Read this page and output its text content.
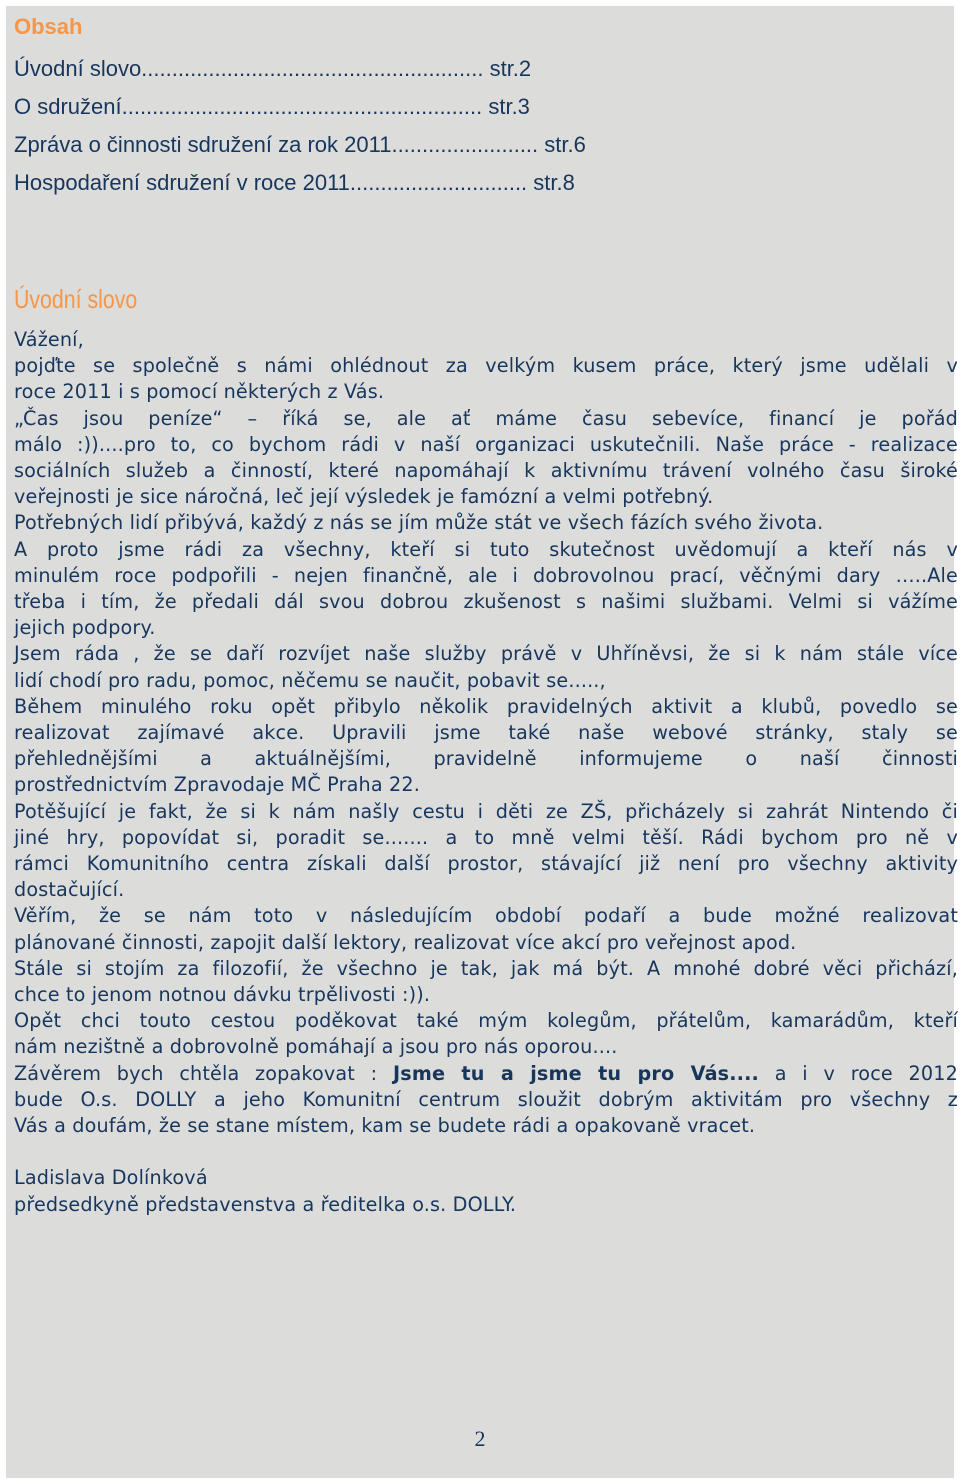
Obsah
Úvodní slovo........................................................ str.2
O sdružení........................................................... str.3
Zpráva o činnosti sdružení za rok 2011........................ str.6
Hospodaření sdružení v roce 2011............................. str.8
Úvodní slovo

Vážení,

pojďte se společně s námi ohlédnout za velkým kusem práce, který jsme udělali v

roce 2011 i s pomocí některých z Vás.

„Čas jsou peníze“ – říká se, ale ať máme času sebevíce, financí je pořád

málo :))....pro to, co bychom rádi v naší organizaci uskutečnili. Naše práce - realizace

sociálních služeb a činností, které napomáhají k aktivnímu trávení volného času široké

veřejnosti je sice náročná, leč její výsledek je famózní a velmi potřebný.

Potřebných lidí přibývá, každý z nás se jím může stát ve všech fázích svého života.

A proto jsme rádi za všechny, kteří si tuto skutečnost uvědomují a kteří nás v

minulém roce podpořili - nejen finančně, ale i dobrovolnou prací, věčnými dary …..Ale

třeba i tím, že předali dál svou dobrou zkušenost s našimi službami. Velmi si vážíme

jejich podpory.

Jsem ráda , že se daří rozvíjet naše služby právě v Uhříněvsi, že si k nám stále více

lidí chodí pro radu, pomoc, něčemu se naučit, pobavit se.....,

Během minulého roku opět přibylo několik pravidelných aktivit a klubů, povedlo se

realizovat zajímavé akce. Upravili jsme také naše webové stránky, staly se

přehlednějšími a aktuálnějšími, pravidelně informujeme o naší činnosti

prostřednictvím Zpravodaje MČ Praha 22.

Potěšující je fakt, že si k nám našly cestu i děti ze ZŠ, přicházely si zahrát Nintendo či

jiné hry, popovídat si, poradit se....... a to mně velmi těší. Rádi bychom pro ně v

rámci Komunitního centra získali další prostor, stávající již není pro všechny aktivity

dostačující.

Věřím, že se nám toto v následujícím období podaří a bude možné realizovat

plánované činnosti, zapojit další lektory, realizovat více akcí pro veřejnost apod.

Stále si stojím za filozofií, že všechno je tak, jak má být. A mnohé dobré věci přichází,

chce to jenom notnou dávku trpělivosti :)).

Opět chci touto cestou poděkovat také mým kolegům, přátelům, kamarádům, kteří

nám nezištně a dobrovolně pomáhají a jsou pro nás oporou....

Závěrem bych chtěla zopakovat : Jsme tu a jsme tu pro Vás.... a i v roce 2012

bude O.s. DOLLY a jeho Komunitní centrum sloužit dobrým aktivitám pro všechny z

Vás a doufám, že se stane místem, kam se budete rádi a opakovaně vracet.

Ladislava Dolínková

předsedkyně představenstva a ředitelka o.s. DOLLY.

2
